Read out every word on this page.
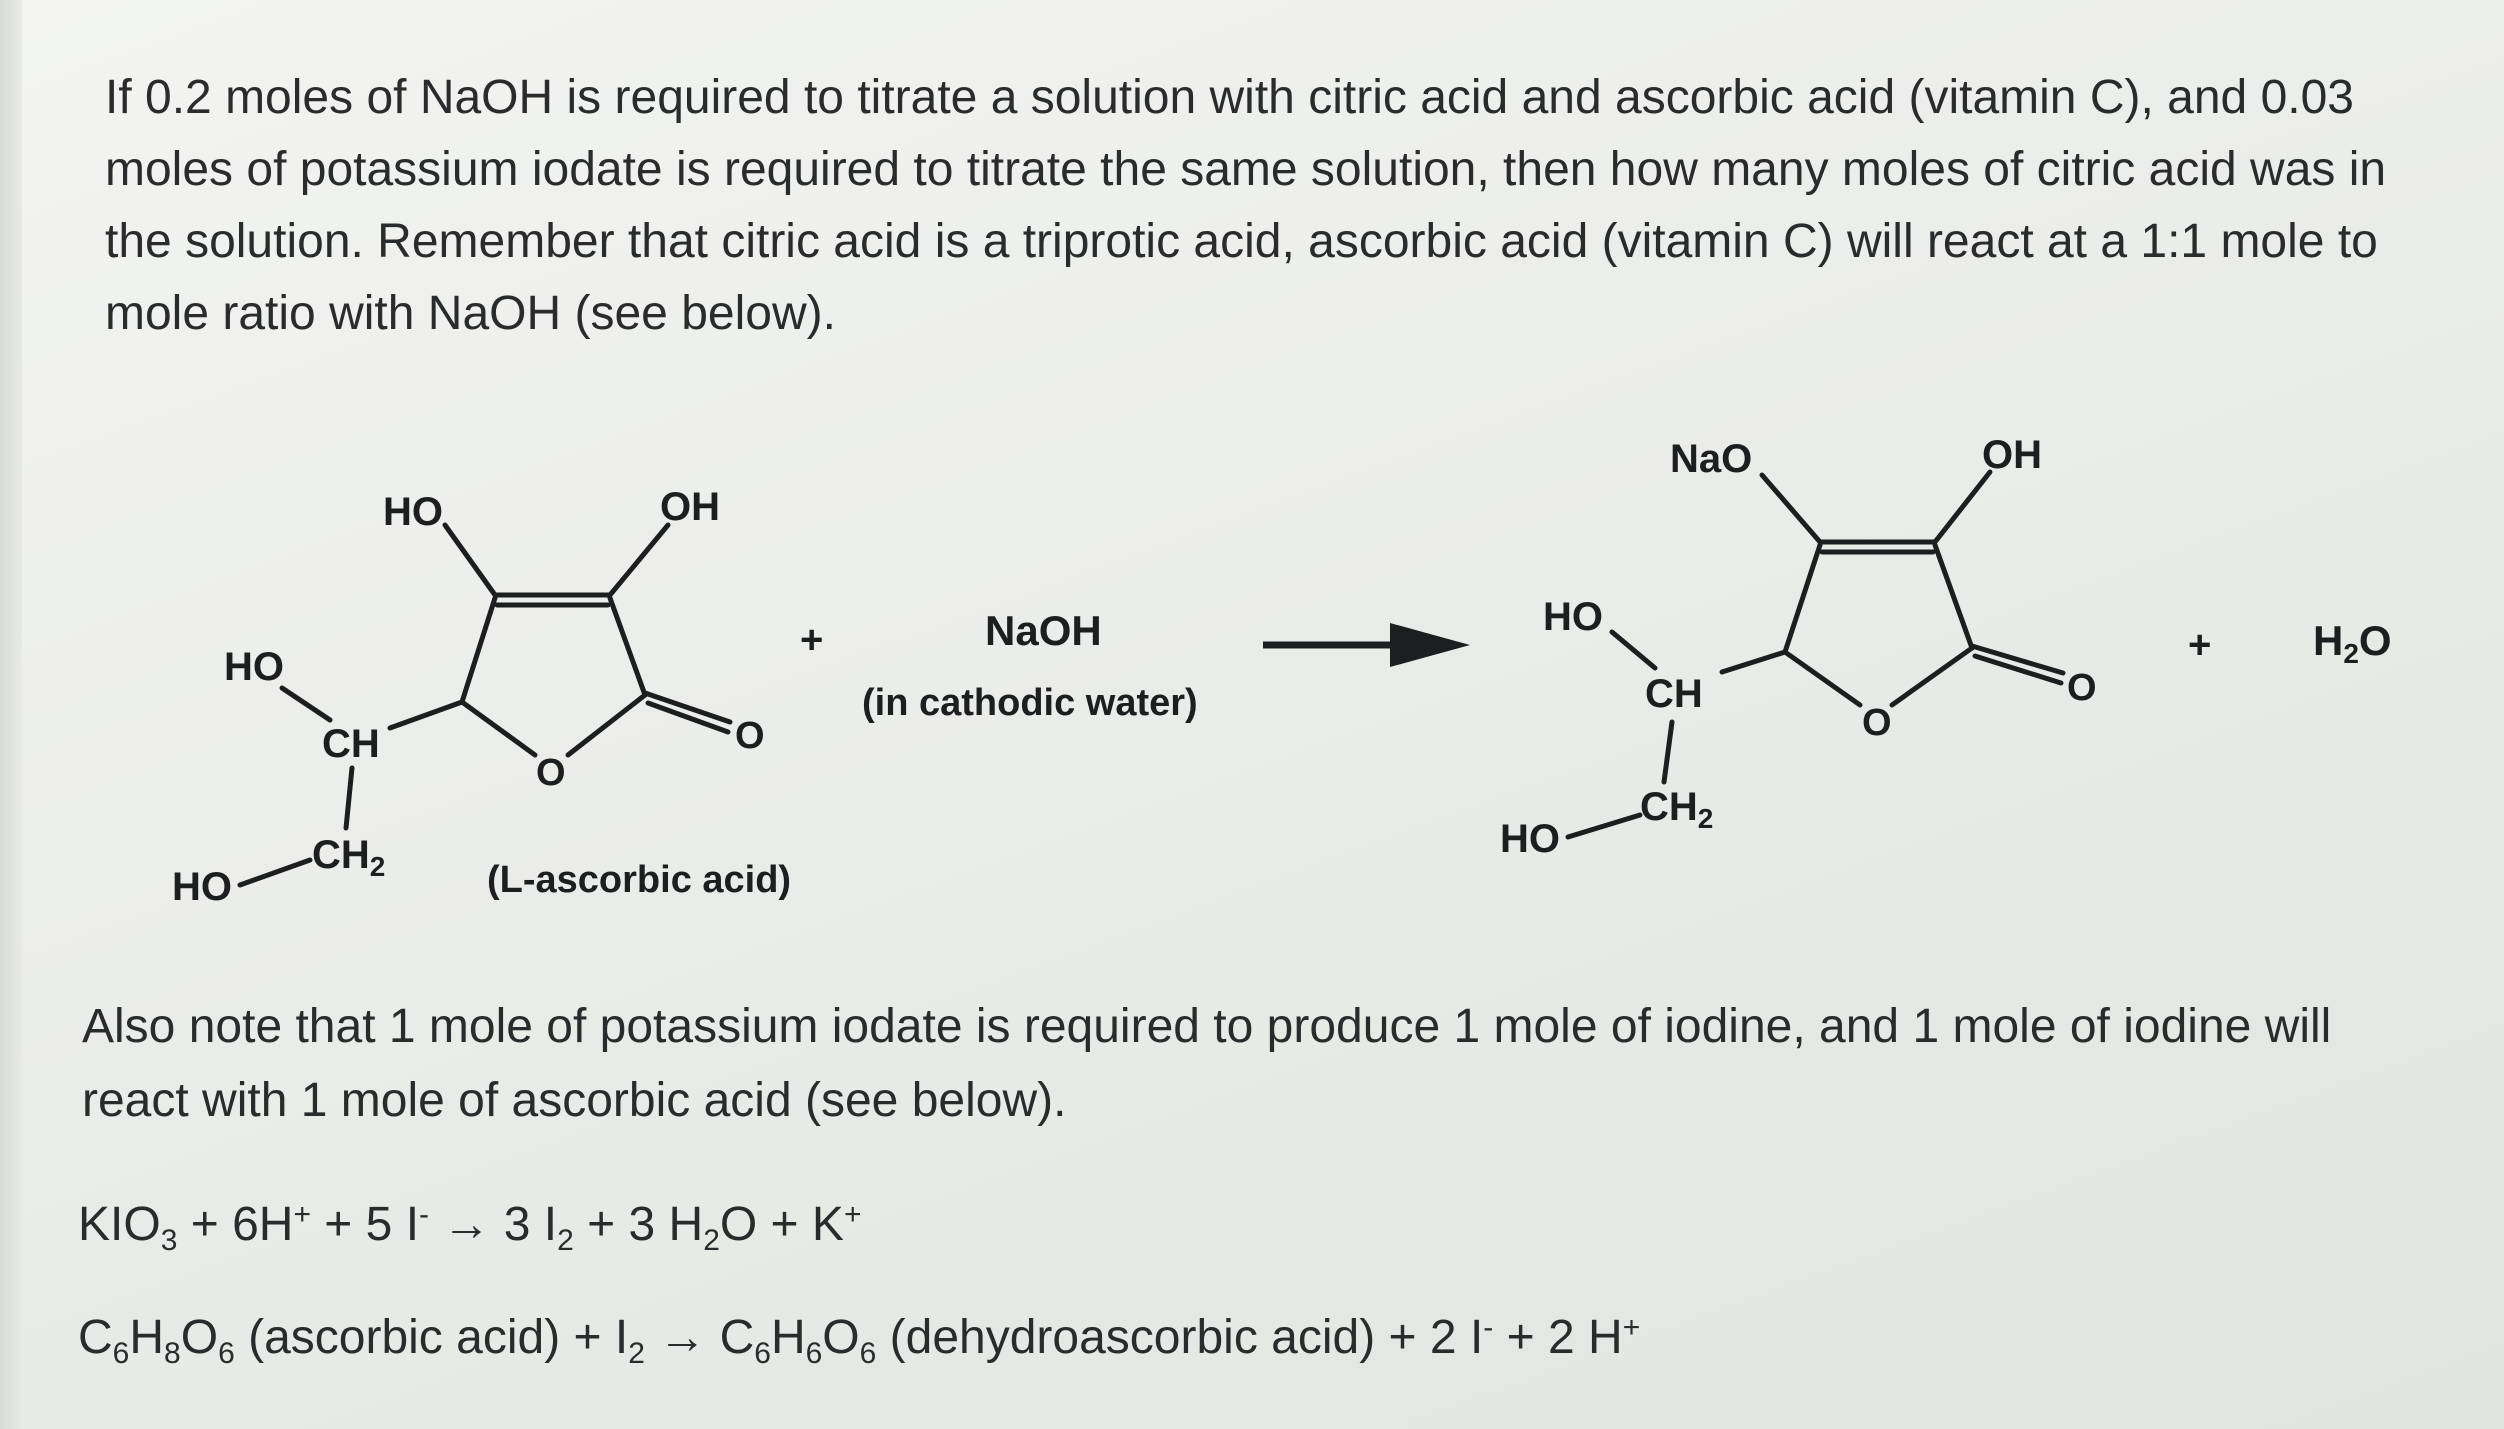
If 0.2 moles of NaOH is required to titrate a solution with citric acid and ascorbic acid (vitamin C), and 0.03 moles of potassium iodate is required to titrate the same solution, then how many moles of citric acid was in the solution. Remember that citric acid is a triprotic acid, ascorbic acid (vitamin C) will react at a 1:1 mole to mole ratio with NaOH (see below).

HO	OH
HO
CH
HO
$CH_2$
O
O
(L-ascorbic acid)
+	NaOH
(in cathodic water)
NaO	OH
HO
CH
HO
$CH_2$
O
O
+ H2O

Also note that 1 mole of potassium iodate is required to produce 1 mole of iodine, and 1 mole of iodine will react with 1 mole of ascorbic acid (see below).

$KIO_3 + 6H^+ + 5$ I- → 3 $I_2 + 3$ $H_2O + K^+$
$C_6H_8O_6$ (ascorbic acid) + $I_2 \to C_6H_6O_6$ (dehydroascorbic acid) + 2 I- + 2 H+
